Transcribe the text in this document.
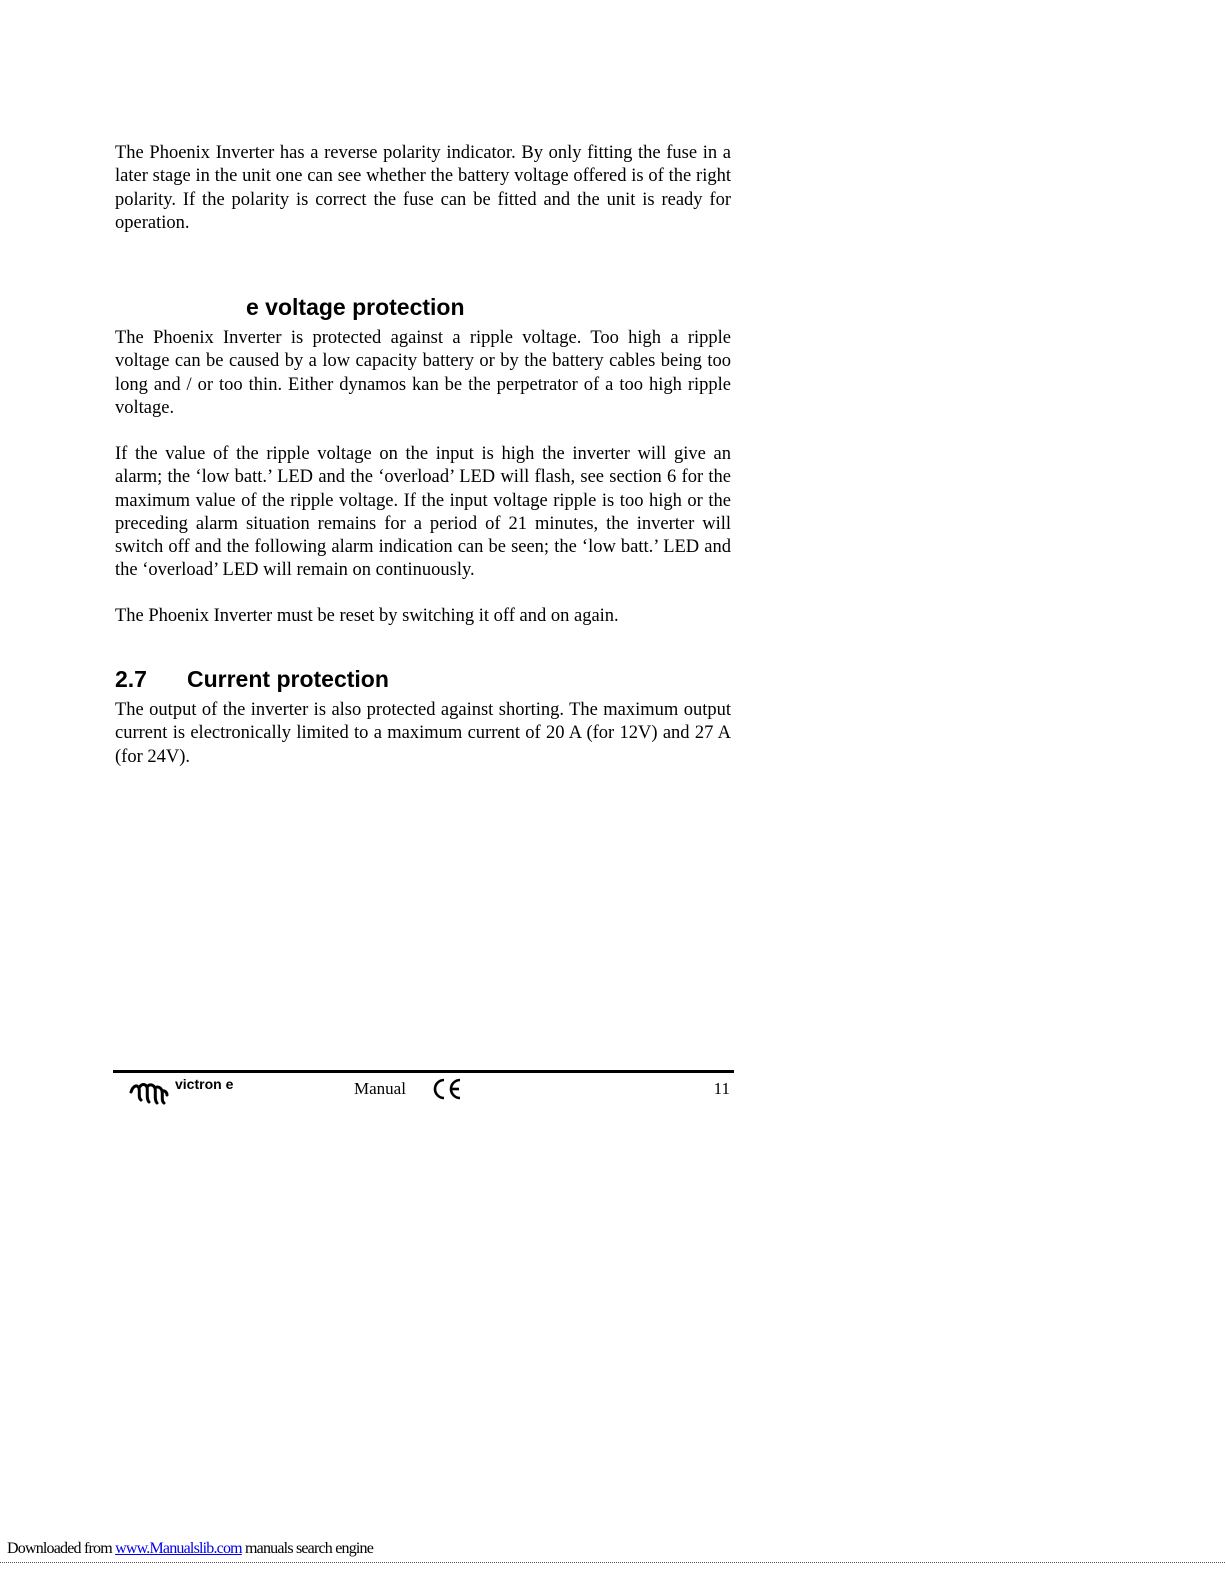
The Phoenix Inverter has a reverse polarity indicator. By only fitting the fuse in a later stage in the unit one can see whether the battery voltage offered is of the right polarity. If the polarity is correct the fuse can be fitted and the unit is ready for operation.

e voltage protection

The Phoenix Inverter is protected against a ripple voltage. Too high a ripple voltage can be caused by a low capacity battery or by the battery cables being too long and / or too thin. Either dynamos kan be the perpetrator of a too high ripple voltage.

If the value of the ripple voltage on the input is high the inverter will give an alarm; the ‘low batt.’ LED and the ‘overload’ LED will flash, see section 6 for the maximum value of the ripple voltage. If the input voltage ripple is too high or the preceding alarm situation remains for a period of 21 minutes, the inverter will switch off and the following alarm indication can be seen; the ‘low batt.’ LED and the ‘overload’ LED will remain on continuously.

The Phoenix Inverter must be reset by switching it off and on again.

2.7 Current protection

The output of the inverter is also protected against shorting. The maximum output current is electronically limited to a maximum current of 20 A (for 12V) and 27 A (for 24V).

victron e	Manual	11
Downloaded from www.Manualslib.com manuals search engine
